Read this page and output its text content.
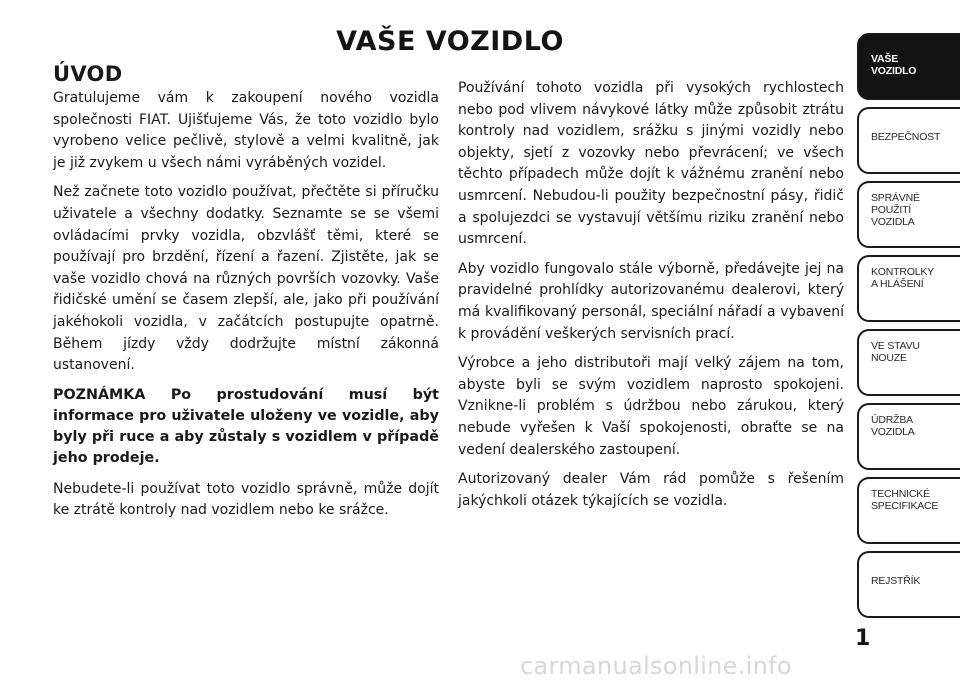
VAŠE VOZIDLO
ÚVOD

Gratulujeme vám k zakoupení nového vozidla společnosti FIAT. Ujišťujeme Vás, že toto vozidlo bylo vyrobeno velice pečlivě, stylově a velmi kvalitně, jak je již zvykem u všech námi vyráběných vozidel.

Než začnete toto vozidlo používat, přečtěte si příručku uživatele a všechny dodatky. Seznamte se se všemi ovládacími prvky vozidla, obzvlášť těmi, které se používají pro brzdění, řízení a řazení. Zjistěte, jak se vaše vozidlo chová na různých površích vozovky. Vaše řidičské umění se časem zlepší, ale, jako při používání jakéhokoli vozidla, v začátcích postupujte opatrně. Během jízdy vždy dodržujte místní zákonná ustanovení.

POZNÁMKA Po prostudování musí být informace pro uživatele uloženy ve vozidle, aby byly při ruce a aby zůstaly s vozidlem v případě jeho prodeje.

Nebudete-li používat toto vozidlo správně, může dojít ke ztrátě kontroly nad vozidlem nebo ke srážce.

Používání tohoto vozidla při vysokých rychlostech nebo pod vlivem návykové látky může způsobit ztrátu kontroly nad vozidlem, srážku s jinými vozidly nebo objekty, sjetí z vozovky nebo převrácení; ve všech těchto případech může dojít k vážnému zranění nebo usmrcení. Nebudou-li použity bezpečnostní pásy, řidič a spolujezdci se vystavují většímu riziku zranění nebo usmrcení.

Aby vozidlo fungovalo stále výborně, předávejte jej na pravidelné prohlídky autorizovanému dealerovi, který má kvalifikovaný personál, speciální nářadí a vybavení k provádění veškerých servisních prací.

Výrobce a jeho distributoři mají velký zájem na tom, abyste byli se svým vozidlem naprosto spokojeni. Vznikne-li problém s údržbou nebo zárukou, který nebude vyřešen k Vaší spokojenosti, obraťte se na vedení dealerského zastoupení.

Autorizovaný dealer Vám rád pomůže s řešením jakýchkoli otázek týkajících se vozidla.

VAŠE
VOZIDLO
BEZPEČNOST
SPRÁVNÉ
POUŽITÍ
VOZIDLA
KONTROLKY
A HLÁŠENÍ
VE STAVU
NOUZE
ÚDRŽBA
VOZIDLA
TECHNICKÉ
SPECIFIKACE
REJSTŘÍK
1
carmanualsonline.info
